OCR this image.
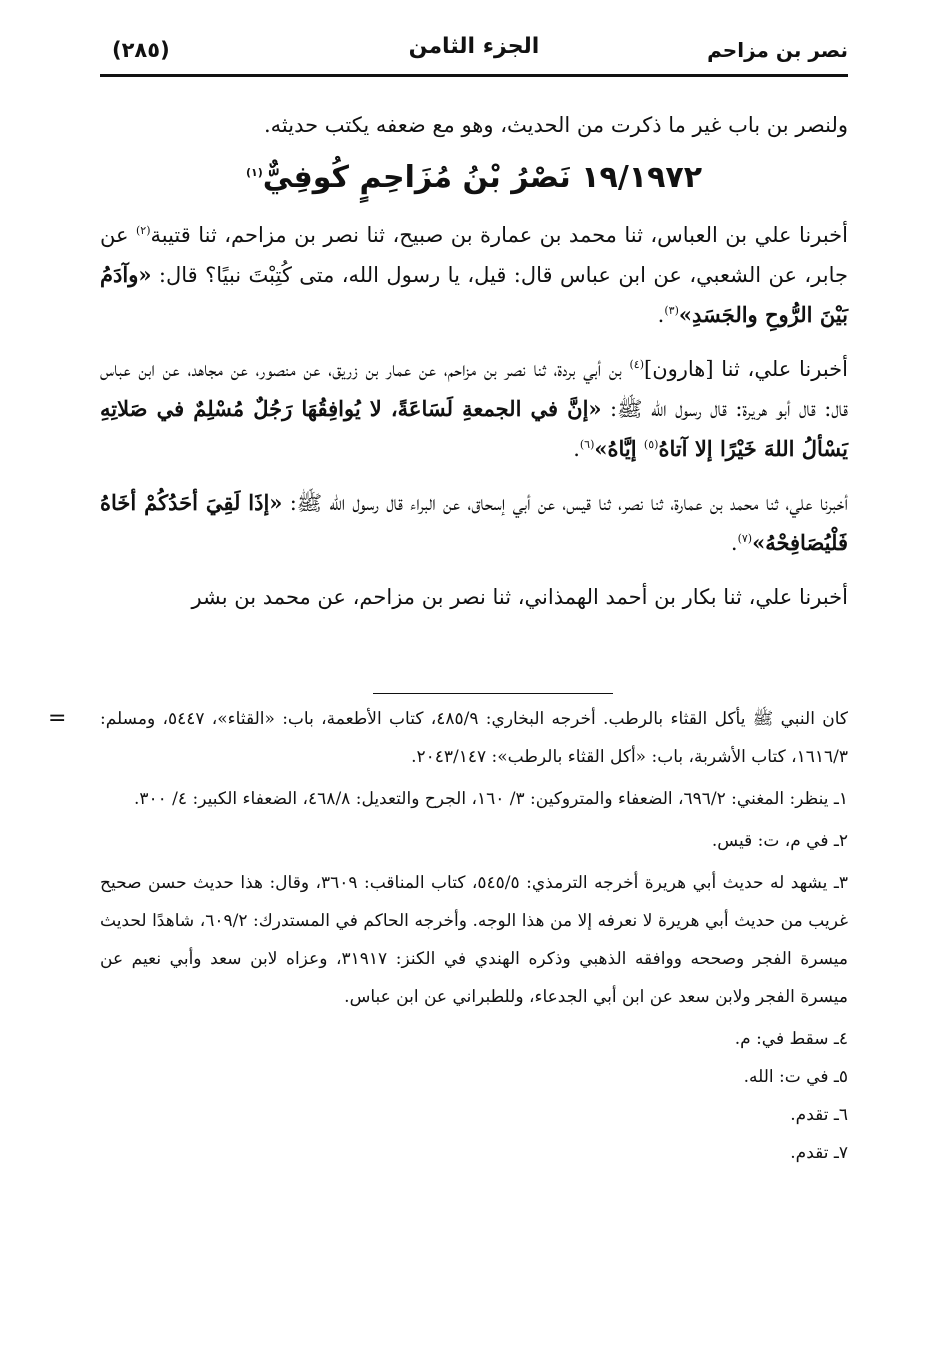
نصر بن مزاحم
الجزء الثامن
(٢٨٥)

ولنصر بن باب غير ما ذكرت من الحديث، وهو مع ضعفه يكتب حديثه.

١٩/١٩٧٢ نَصْرُ بْنُ مُزَاحِمٍ كُوفِيٌّ$^{(١)}$

أخبرنا علي بن العباس، ثنا محمد بن عمارة بن صبيح، ثنا نصر بن مزاحم، ثنا قتيبة$^{(٢)}$ عن جابر، عن الشعبي، عن ابن عباس قال: قيل، يا رسول الله، متى كُتِبْتَ نبيًا؟ قال: «وآدَمُ بَيْنَ الرُّوحِ والجَسَدِ»$^{(٣)}$.

أخبرنا علي، ثنا [هارون]$^{(٤)}$ بن أبي بردة، ثنا نصر بن مزاحم، عن عمار بن زريق، عن منصور، عن مجاهد، عن ابن عباس قال: قال أبو هريرة: قال رسول الله ﷺ: «إنَّ في الجمعةِ لَسَاعَةً، لا يُوافِقُهَا رَجُلٌ مُسْلِمٌ في صَلاتِهِ يَسْألُ اللهَ خَيْرًا إلا آتاهُ$^{(٥)}$ إيَّاهُ»$^{(٦)}$.

أخبرنا علي، ثنا محمد بن عمارة، ثنا نصر، ثنا قيس، عن أبي إسحاق، عن البراء قال رسول الله ﷺ: «إذَا لَقِيَ أحَدُكُمْ أخَاهُ فَلْيُصَافِحْهُ»$^{(٧)}$.

أخبرنا علي، ثنا بكار بن أحمد الهمذاني، ثنا نصر بن مزاحم، عن محمد بن بشر

= كان النبي ﷺ يأكل القثاء بالرطب. أخرجه البخاري: ٤٨٥/٩، كتاب الأطعمة، باب: «القثاء»، ٥٤٤٧، ومسلم: ١٦١٦/٣، كتاب الأشربة، باب: «أكل القثاء بالرطب»: ٢٠٤٣/١٤٧.

١ـ ينظر: المغني: ٦٩٦/٢، الضعفاء والمتروكين: ٣/ ١٦٠، الجرح والتعديل: ٤٦٨/٨، الضعفاء الكبير: ٤/ ٣٠٠.

٢ـ في م، ت: قيس.

٣ـ يشهد له حديث أبي هريرة أخرجه الترمذي: ٥٤٥/٥، كتاب المناقب: ٣٦٠٩، وقال: هذا حديث حسن صحيح غريب من حديث أبي هريرة لا نعرفه إلا من هذا الوجه. وأخرجه الحاكم في المستدرك: ٦٠٩/٢، شاهدًا لحديث ميسرة الفجر وصححه ووافقه الذهبي وذكره الهندي في الكنز: ٣١٩١٧، وعزاه لابن سعد وأبي نعيم عن ميسرة الفجر ولابن سعد عن ابن أبي الجدعاء، وللطبراني عن ابن عباس.

٤ـ سقط في: م.

٥ـ في ت: الله.

٦ـ تقدم.

٧ـ تقدم.
